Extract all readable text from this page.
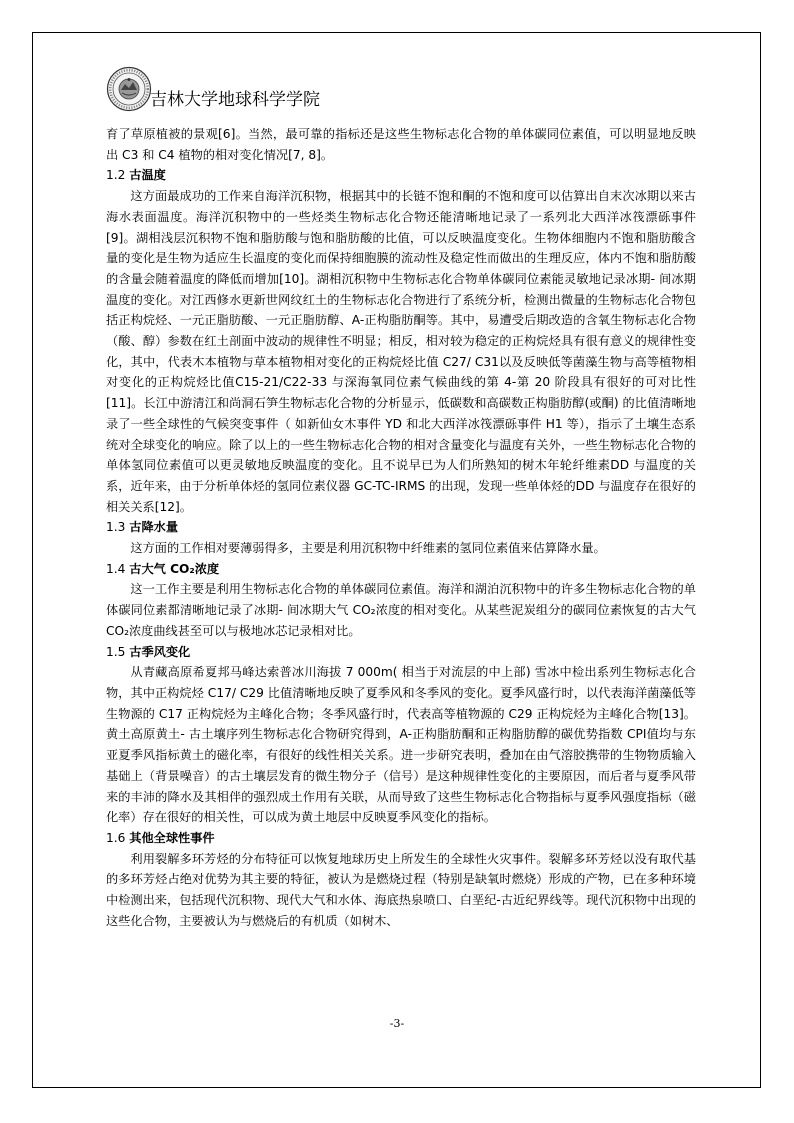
吉林大学地球科学学院

育了草原植被的景观[6]。当然，最可靠的指标还是这些生物标志化合物的单体碳同位素值，可以明显地反映出 C3 和 C4 植物的相对变化情况[7, 8]。

1.2 古温度

这方面最成功的工作来自海洋沉积物，根据其中的长链不饱和酮的不饱和度可以估算出自末次冰期以来古海水表面温度。海洋沉积物中的一些烃类生物标志化合物还能清晰地记录了一系列北大西洋冰筏漂砾事件[9]。湖相浅层沉积物不饱和脂肪酸与饱和脂肪酸的比值，可以反映温度变化。生物体细胞内不饱和脂肪酸含量的变化是生物为适应生长温度的变化而保持细胞膜的流动性及稳定性而做出的生理反应，体内不饱和脂肪酸的含量会随着温度的降低而增加[10]。湖相沉积物中生物标志化合物单体碳同位素能灵敏地记录冰期- 间冰期温度的变化。对江西修水更新世网纹红土的生物标志化合物进行了系统分析，检测出微量的生物标志化合物包括正构烷烃、一元正脂肪酸、一元正脂肪醇、A-正构脂肪酮等。其中，易遭受后期改造的含氧生物标志化合物（酸、醇）参数在红土剖面中波动的规律性不明显；相反，相对较为稳定的正构烷烃具有很有意义的规律性变化，其中，代表木本植物与草本植物相对变化的正构烷烃比值 C27/ C31以及反映低等菌藻生物与高等植物相对变化的正构烷烃比值C15-21/C22-33 与深海氧同位素气候曲线的第 4-第 20 阶段具有很好的可对比性[11]。长江中游清江和尚洞石笋生物标志化合物的分析显示，低碳数和高碳数正构脂肪醇(或酮) 的比值清晰地录了一些全球性的气候突变事件（ 如新仙女木事件 YD 和北大西洋冰筏漂砾事件 H1 等），指示了土壤生态系统对全球变化的响应。除了以上的一些生物标志化合物的相对含量变化与温度有关外，一些生物标志化合物的单体氢同位素值可以更灵敏地反映温度的变化。且不说早已为人们所熟知的树木年轮纤维素DD 与温度的关系，近年来，由于分析单体烃的氢同位素仪器 GC-TC-IRMS 的出现，发现一些单体烃的DD 与温度存在很好的相关关系[12]。

1.3 古降水量

这方面的工作相对要薄弱得多，主要是利用沉积物中纤维素的氢同位素值来估算降水量。

1.4 古大气 CO₂浓度

这一工作主要是利用生物标志化合物的单体碳同位素值。海洋和湖泊沉积物中的许多生物标志化合物的单体碳同位素都清晰地记录了冰期- 间冰期大气 CO₂浓度的相对变化。从某些泥炭组分的碳同位素恢复的古大气 CO₂浓度曲线甚至可以与极地冰芯记录相对比。

1.5 古季风变化

从青藏高原希夏邦马峰达索普冰川海拔 7 000m( 相当于对流层的中上部) 雪冰中检出系列生物标志化合物，其中正构烷烃 C17/ C29 比值清晰地反映了夏季风和冬季风的变化。夏季风盛行时，以代表海洋菌藻低等生物源的 C17 正构烷烃为主峰化合物；冬季风盛行时，代表高等植物源的 C29 正构烷烃为主峰化合物[13]。黄土高原黄土- 古土壤序列生物标志化合物研究得到，A-正构脂肪酮和正构脂肪醇的碳优势指数 CPI值均与东亚夏季风指标黄土的磁化率，有很好的线性相关关系。进一步研究表明，叠加在由气溶胶携带的生物物质输入基础上（背景噪音）的古土壤层发育的微生物分子（信号）是这种规律性变化的主要原因，而后者与夏季风带来的丰沛的降水及其相伴的强烈成土作用有关联，从而导致了这些生物标志化合物指标与夏季风强度指标（磁化率）存在很好的相关性，可以成为黄土地层中反映夏季风变化的指标。

1.6 其他全球性事件

利用裂解多环芳烃的分布特征可以恢复地球历史上所发生的全球性火灾事件。裂解多环芳烃以没有取代基的多环芳烃占绝对优势为其主要的特征，被认为是燃烧过程（特别是缺氧时燃烧）形成的产物，已在多种环境中检测出来，包括现代沉积物、现代大气和水体、海底热泉喷口、白垩纪-古近纪界线等。现代沉积物中出现的这些化合物，主要被认为与燃烧后的有机质（如树木、

-3-
